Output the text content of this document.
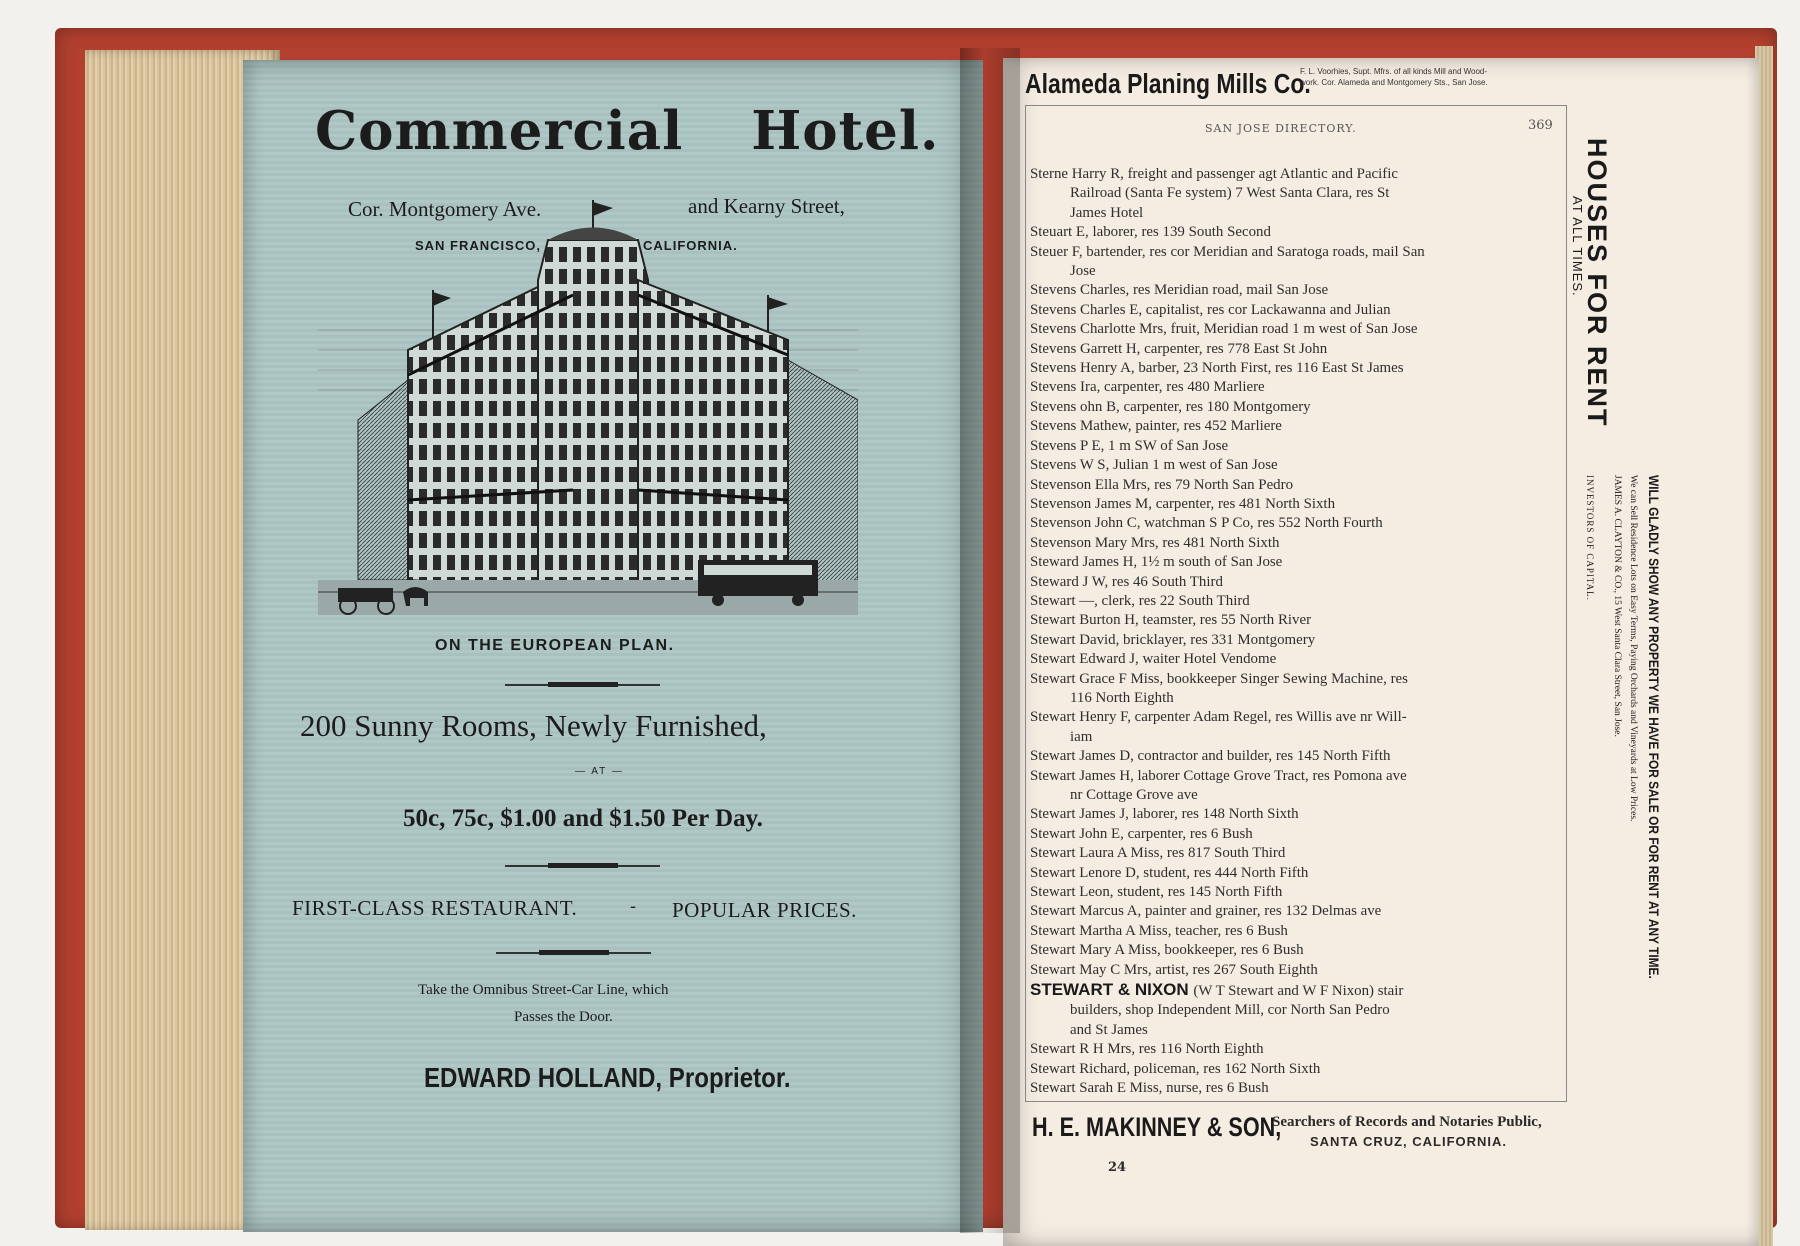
Commercial Hotel.
Cor. Montgomery Ave.	and Kearny Street,
SAN FRANCISCO,	CALIFORNIA.
ON THE EUROPEAN PLAN.
200 Sunny Rooms, Newly Furnished,
— AT —
50c, 75c, $1.00 and $1.50 Per Day.
FIRST-CLASS RESTAURANT.	- POPULAR PRICES.
Take the Omnibus Street-Car Line, which
Passes the Door.
EDWARD HOLLAND, Proprietor.
Alameda Planing Mills Co.
F. L. Voorhies, Supt. Mfrs. of all kinds Mill and Wood-
work. Cor. Alameda and Montgomery Sts., San Jose.
SAN JOSE DIRECTORY.	369
Sterne Harry R, freight and passenger agt Atlantic and Pacific
Railroad (Santa Fe system) 7 West Santa Clara, res St
James Hotel
Steuart E, laborer, res 139 South Second
Steuer F, bartender, res cor Meridian and Saratoga roads, mail San
Jose
Stevens Charles, res Meridian road, mail San Jose
Stevens Charles E, capitalist, res cor Lackawanna and Julian
Stevens Charlotte Mrs, fruit, Meridian road 1 m west of San Jose
Stevens Garrett H, carpenter, res 778 East St John
Stevens Henry A, barber, 23 North First, res 116 East St James
Stevens Ira, carpenter, res 480 Marliere
Stevens ohn B, carpenter, res 180 Montgomery
Stevens Mathew, painter, res 452 Marliere
Stevens P E, 1 m SW of San Jose
Stevens W S, Julian 1 m west of San Jose
Stevenson Ella Mrs, res 79 North San Pedro
Stevenson James M, carpenter, res 481 North Sixth
Stevenson John C, watchman S P Co, res 552 North Fourth
Stevenson Mary Mrs, res 481 North Sixth
Steward James H, 1½ m south of San Jose
Steward J W, res 46 South Third
Stewart —, clerk, res 22 South Third
Stewart Burton H, teamster, res 55 North River
Stewart David, bricklayer, res 331 Montgomery
Stewart Edward J, waiter Hotel Vendome
Stewart Grace F Miss, bookkeeper Singer Sewing Machine, res
116 North Eighth
Stewart Henry F, carpenter Adam Regel, res Willis ave nr Will-
iam
Stewart James D, contractor and builder, res 145 North Fifth
Stewart James H, laborer Cottage Grove Tract, res Pomona ave
nr Cottage Grove ave
Stewart James J, laborer, res 148 North Sixth
Stewart John E, carpenter, res 6 Bush
Stewart Laura A Miss, res 817 South Third
Stewart Lenore D, student, res 444 North Fifth
Stewart Leon, student, res 145 North Fifth
Stewart Marcus A, painter and grainer, res 132 Delmas ave
Stewart Martha A Miss, teacher, res 6 Bush
Stewart Mary A Miss, bookkeeper, res 6 Bush
Stewart May C Mrs, artist, res 267 South Eighth
STEWART & NIXON (W T Stewart and W F Nixon) stair
builders, shop Independent Mill, cor North San Pedro
and St James
Stewart R H Mrs, res 116 North Eighth
Stewart Richard, policeman, res 162 North Sixth
Stewart Sarah E Miss, nurse, res 6 Bush
H. E. MAKINNEY & SON,
Searchers of Records and Notaries Public,
SANTA CRUZ, CALIFORNIA.
24
HOUSES FOR RENT
AT ALL TIMES.
WILL GLADLY SHOW ANY PROPERTY WE HAVE FOR SALE OR FOR RENT AT ANY TIME.
We can Sell Residence Lots on Easy Terms, Paying Orchards and Vineyards at Low Prices.
JAMES A. CLAYTON & CO., 15 West Santa Clara Street, San Jose.
INVESTORS OF CAPITAL.
